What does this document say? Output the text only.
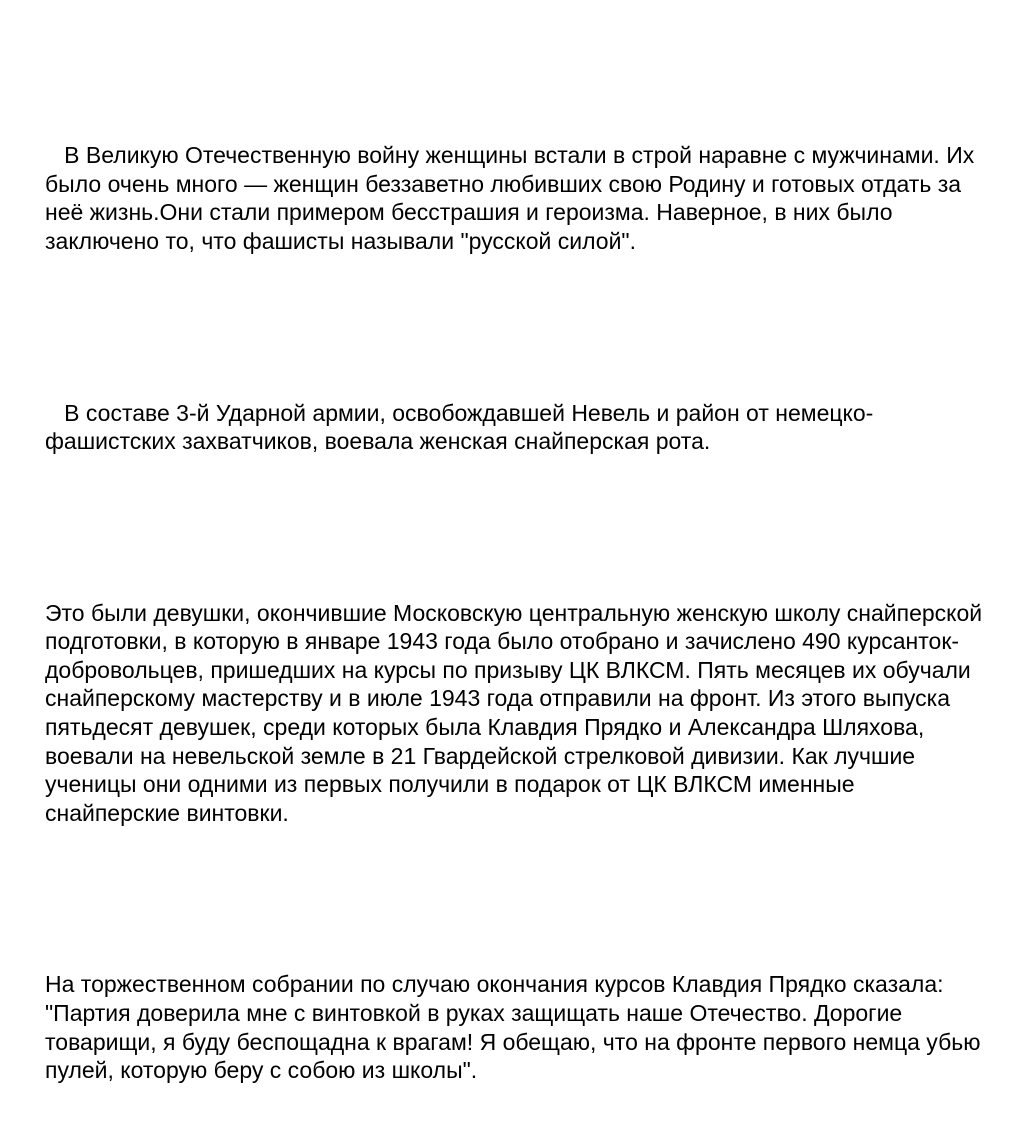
В Великую Отечественную войну женщины встали в строй наравне с мужчинами. Их было очень много — женщин беззаветно любивших свою Родину и готовых отдать за неё жизнь.Они стали примером бесстрашия и героизма. Наверное, в них было заключено то, что фашисты называли "русской силой".

В составе 3-й Ударной армии, освобождавшей Невель и район от немецко-фашистских захватчиков, воевала женская снайперская рота.

Это были девушки, окончившие Московскую центральную женскую школу снайперской подготовки, в которую в январе 1943 года было отобрано и зачислено 490 курсанток-добровольцев, пришедших на курсы по призыву ЦК ВЛКСМ. Пять месяцев их обучали снайперскому мастерству и в июле 1943 года отправили на фронт. Из этого выпуска пятьдесят девушек, среди которых была Клавдия Прядко и Александра Шляхова, воевали на невельской земле в 21 Гвардейской стрелковой дивизии. Как лучшие ученицы они одними из первых получили в подарок от ЦК ВЛКСМ именные снайперские винтовки.

На торжественном собрании по случаю окончания курсов Клавдия Прядко сказала: "Партия доверила мне с винтовкой в руках защищать наше Отечество. Дорогие товарищи, я буду беспощадна к врагам! Я обещаю, что на фронте первого немца убью пулей, которую беру с собою из школы".
